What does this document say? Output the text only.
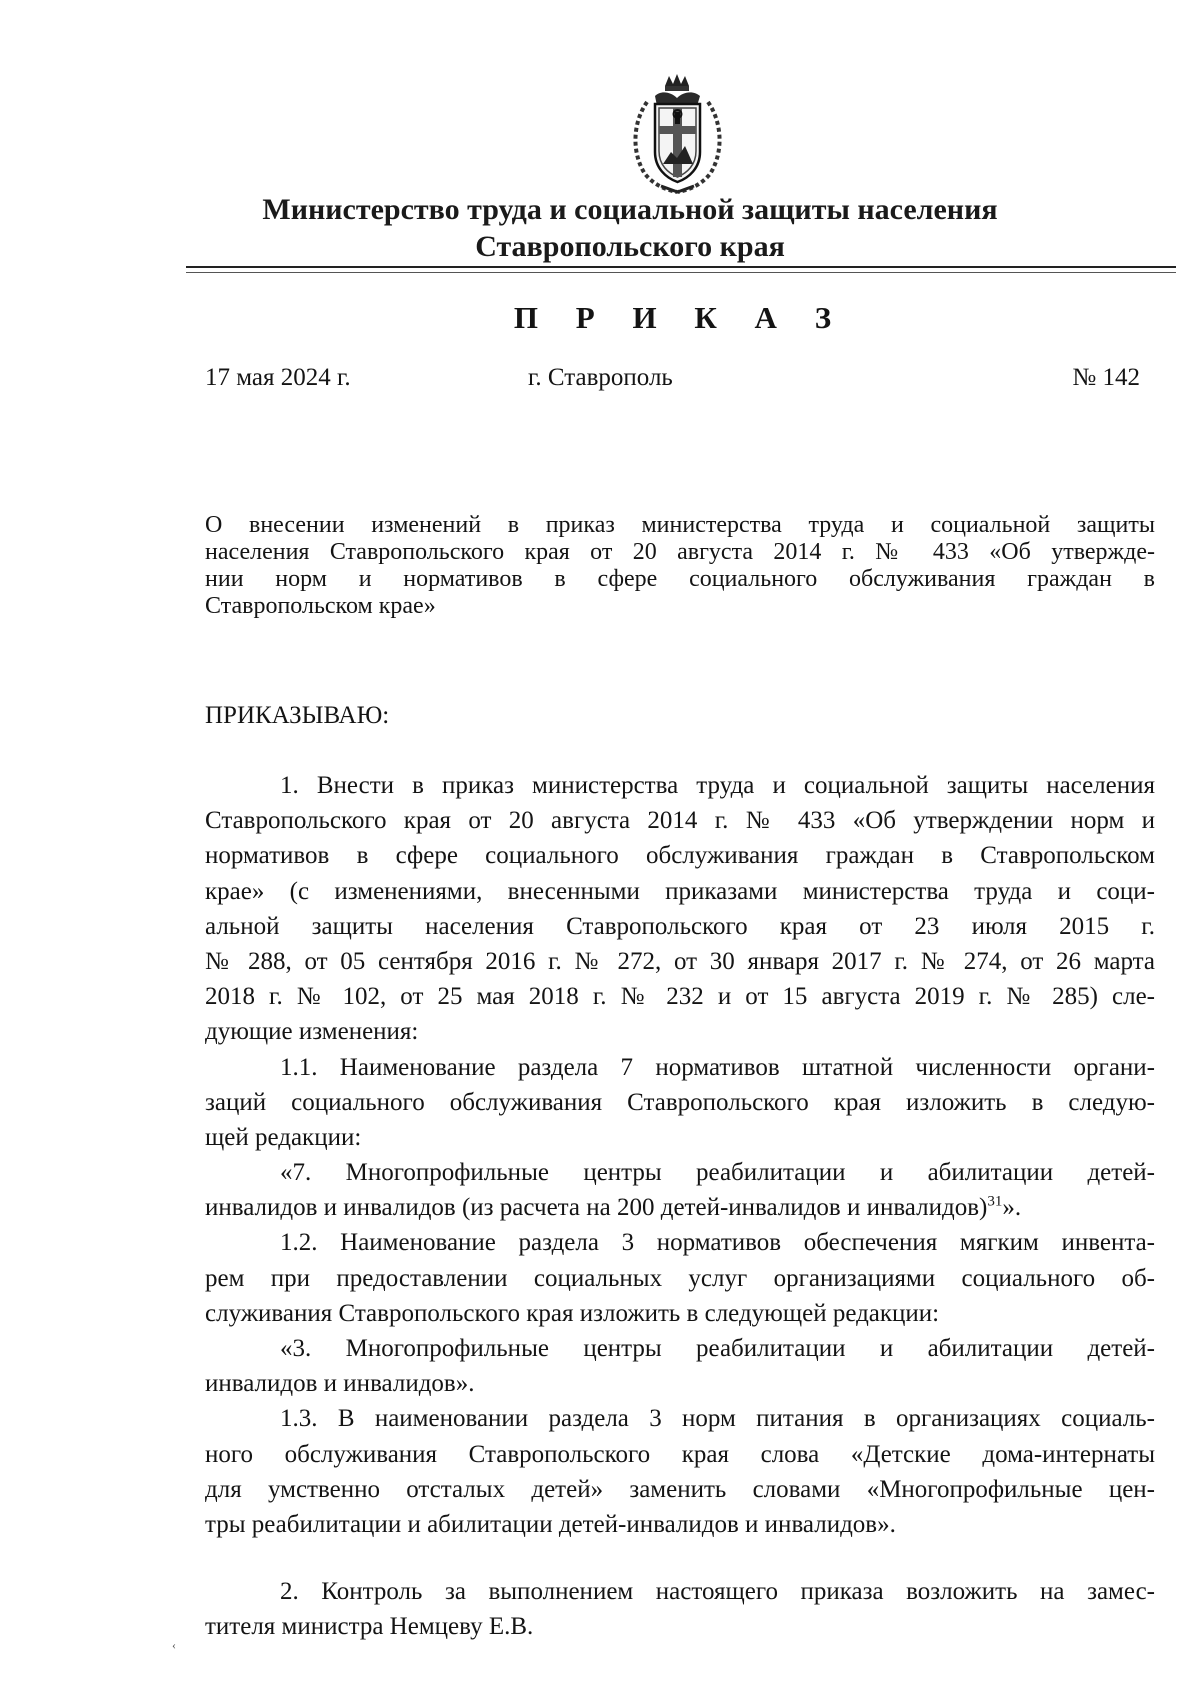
Министерство труда и социальной защиты населения
Ставропольского края
П Р И К А З
17 мая 2024 г.	г. Ставрополь	№ 142
О внесении изменений в приказ министерства труда и социальной защиты
населения Ставропольского края от 20 августа 2014 г. № 433 «Об утвержде-
нии норм и нормативов в сфере социального обслуживания граждан в
Ставропольском крае»
ПРИКАЗЫВАЮ:
1. Внести в приказ министерства труда и социальной защиты населения
Ставропольского края от 20 августа 2014 г. № 433 «Об утверждении норм и
нормативов в сфере социального обслуживания граждан в Ставропольском
крае» (с изменениями, внесенными приказами министерства труда и соци-
альной защиты населения Ставропольского края от 23 июля 2015 г.
№ 288, от 05 сентября 2016 г. № 272, от 30 января 2017 г. № 274, от 26 марта
2018 г. № 102, от 25 мая 2018 г. № 232 и от 15 августа 2019 г. № 285) сле-
дующие изменения:
1.1. Наименование раздела 7 нормативов штатной численности органи-
заций социального обслуживания Ставропольского края изложить в следую-
щей редакции:
«7. Многопрофильные центры реабилитации и абилитации детей-
инвалидов и инвалидов (из расчета на 200 детей-инвалидов и инвалидов)$^{31}$».
1.2. Наименование раздела 3 нормативов обеспечения мягким инвента-
рем при предоставлении социальных услуг организациями социального об-
служивания Ставропольского края изложить в следующей редакции:
«3. Многопрофильные центры реабилитации и абилитации детей-
инвалидов и инвалидов».
1.3. В наименовании раздела 3 норм питания в организациях социаль-
ного обслуживания Ставропольского края слова «Детские дома-интернаты
для умственно отсталых детей» заменить словами «Многопрофильные цен-
тры реабилитации и абилитации детей-инвалидов и инвалидов».
2. Контроль за выполнением настоящего приказа возложить на замес-
тителя министра Немцеву Е.В.
‹
